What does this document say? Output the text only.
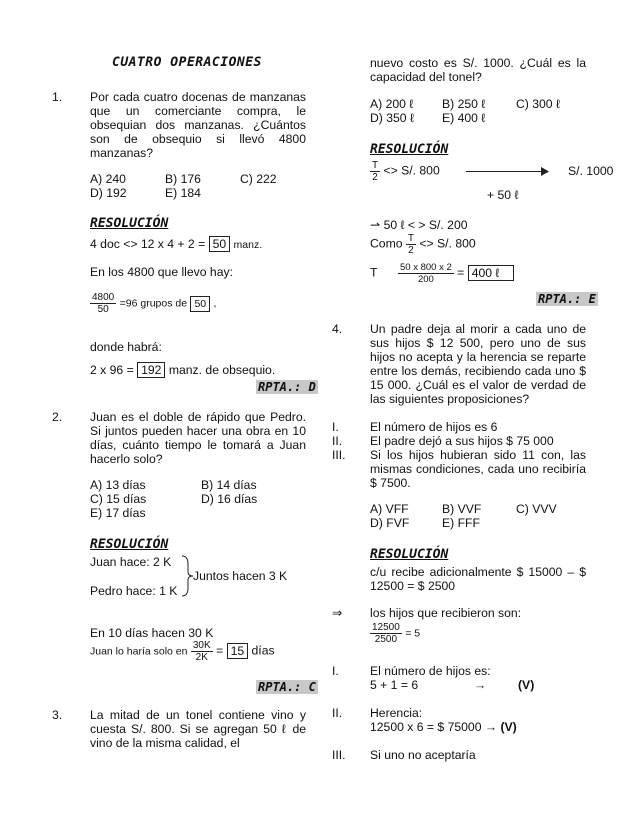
CUATRO OPERACIONES
1. Por cada cuatro docenas de manzanas que un comerciante compra, le obsequian dos manzanas. ¿Cuántos son de obsequio si llevó 4800 manzanas?
A) 240	B) 176	C) 222
D) 192	E) 184
RESOLUCIÓN
4 doc <> 12 x 4 + 2 = 50 manz.
En los 4800 que llevo hay:
$\frac{4800}{50} =96$ grupos de 50 ,
donde habrá:
2 x 96 = 192 manz. de obsequio.
RPTA.: D
2. Juan es el doble de rápido que Pedro. Si juntos pueden hacer una obra en 10 días, cuánto tiempo le tomará a Juan hacerlo solo?
A) 13 días	B) 14 días
C) 15 días	D) 16 días
E) 17 días
RESOLUCIÓN
Juan hace: 2 K
Juntos hacen 3 K
Pedro hace: 1 K
En 10 días hacen 30 K
Juan lo haría solo en $\frac{30K}{2K} = 15$ días
RPTA.: C
3. La mitad de un tonel contiene vino y cuesta S/. 800. Si se agregan 50 ℓ de vino de la misma calidad, el
nuevo costo es S/. 1000. ¿Cuál es la capacidad del tonel?
A) 200 ℓ B) 250 ℓ	C) 300 ℓ
D) 350 ℓ E) 400 ℓ
RESOLUCIÓN
$\frac{T}{2} <> S/$. 800	S/. 1000
+ 50 ℓ
⇀ 50 ℓ < > S/. 200
Como $\frac{T}{2} <> S/$. 800
T $\frac{50 x 800 x 2}{200} = 400$ ℓ
RPTA.: E
4. Un padre deja al morir a cada uno de sus hijos $ 12 500, pero uno de sus hijos no acepta y la herencia se reparte entre los demás, recibiendo cada uno $ 15 000. ¿Cuál es el valor de verdad de las siguientes proposiciones?
I.	El número de hijos es 6
II. El padre dejó a sus hijos $ 75 000
III. Si los hijos hubieran sido 11 con, las mismas condiciones, cada uno recibiría $ 7500.
A) VFF	B) VVF	C) VVV
D) FVF	E) FFF
RESOLUCIÓN
c/u recibe adicionalmente $ 15000 – $ 12500 = $ 2500
⇒ los hijos que recibieron son:
$\frac{12500}{2500} = 5$
I.	El número de hijos es:
5 + 1 = 6	→	(V)
II. Herencia:
12500 x 6 = $ 75000 → (V)
III. Si uno no aceptaría
